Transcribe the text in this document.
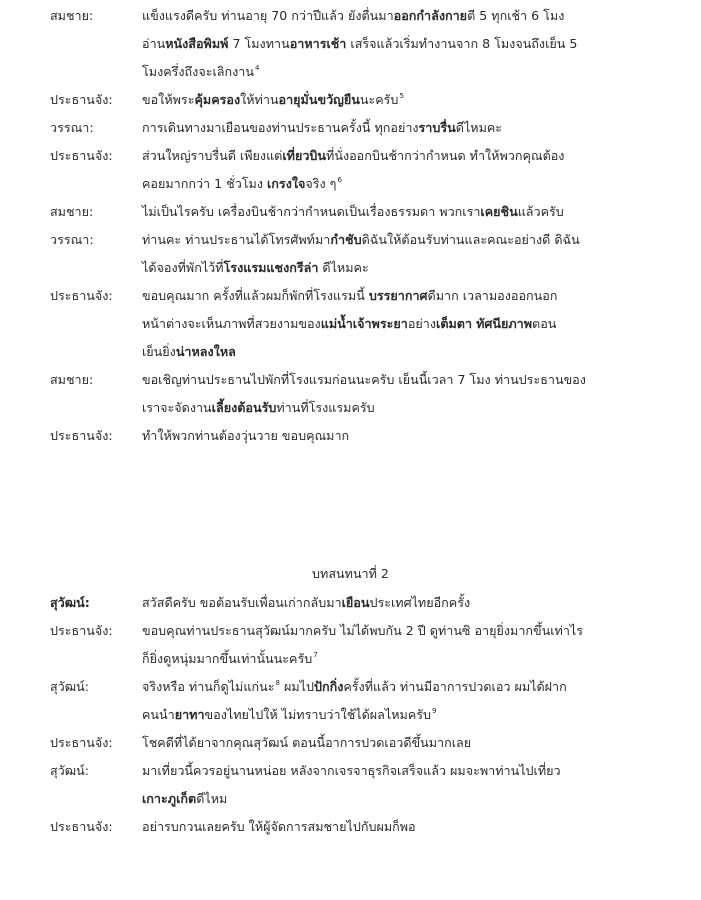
สมชาย:	แข็งแรงดีครับ ท่านอายุ 70 กว่าปีแล้ว ยังตื่นมาออกกำลังกายตี 5 ทุกเช้า 6 โมง
อ่านหนังสือพิมพ์ 7 โมงทานอาหารเช้า เสร็จแล้วเริ่มทำงานจาก 8 โมงจนถึงเย็น 5
โมงครึ่งถึงจะเลิกงาน$^4$
ประธานจัง:	ขอให้พระคุ้มครองให้ท่านอายุมั่นขวัญยืนนะครับ$^5$
วรรณา:	การเดินทางมาเยือนของท่านประธานครั้งนี้ ทุกอย่างราบรื่นดีไหมคะ
ประธานจัง:	ส่วนใหญ่ราบรื่นดี เพียงแต่เที่ยวบินที่นั่งออกบินช้ากว่ากำหนด ทำให้พวกคุณต้อง
คอยมากกว่า 1 ชั่วโมง เกรงใจจริง ๆ$^6$
สมชาย:	ไม่เป็นไรครับ เครื่องบินช้ากว่ากำหนดเป็นเรื่องธรรมดา พวกเราเคยชินแล้วครับ
วรรณา:	ท่านคะ ท่านประธานได้โทรศัพท์มากำชับดิฉันให้ต้อนรับท่านและคณะอย่างดี ดิฉัน
ได้จองที่พักไว้ที่โรงแรมแชงกรีล่า ดีไหมคะ
ประธานจัง:	ขอบคุณมาก ครั้งที่แล้วผมก็พักที่โรงแรมนี้ บรรยากาศดีมาก เวลามองออกนอก
หน้าต่างจะเห็นภาพที่สวยงามของแม่น้ำเจ้าพระยาอย่างเต็มตา ทัศนียภาพตอน
เย็นยิ่งน่าหลงใหล
สมชาย:	ขอเชิญท่านประธานไปพักที่โรงแรมก่อนนะครับ เย็นนี้เวลา 7 โมง ท่านประธานของ
เราจะจัดงานเลี้ยงต้อนรับท่านที่โรงแรมครับ
ประธานจัง:	ทำให้พวกท่านต้องวุ่นวาย ขอบคุณมาก
บทสนทนาที่ 2
สุวัฒน์:	สวัสดีครับ ขอต้อนรับเพื่อนเก่ากลับมาเยือนประเทศไทยอีกครั้ง
ประธานจัง:	ขอบคุณท่านประธานสุวัฒน์มากครับ ไม่ได้พบกัน 2 ปี ดูท่านซิ อายุยิ่งมากขึ้นเท่าไร
ก็ยิ่งดูหนุ่มมากขึ้นเท่านั้นนะครับ$^7$
สุวัฒน์:	จริงหรือ ท่านก็ดูไม่แก่นะ$^8$ ผมไปปักกิ่งครั้งที่แล้ว ท่านมีอาการปวดเอว ผมได้ฝาก
คนนำยาทาของไทยไปให้ ไม่ทราบว่าใช้ได้ผลไหมครับ$^9$
ประธานจัง:	โชคดีที่ได้ยาจากคุณสุวัฒน์ ตอนนี้อาการปวดเอวดีขึ้นมากเลย
สุวัฒน์:	มาเที่ยวนี้ควรอยู่นานหน่อย หลังจากเจรจาธุรกิจเสร็จแล้ว ผมจะพาท่านไปเที่ยว
เกาะภูเก็ตดีไหม
ประธานจัง:	อย่ารบกวนเลยครับ ให้ผู้จัดการสมชายไปกับผมก็พอ
